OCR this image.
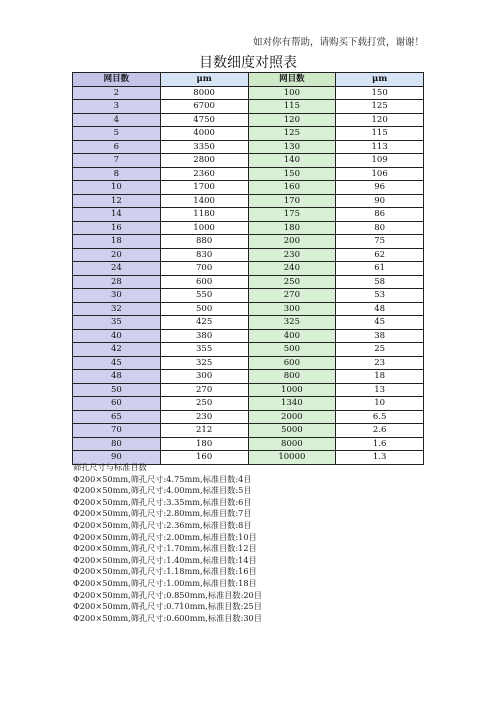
如对你有帮助，请购买下载打赏，谢谢！
目数细度对照表
网目数	μm	网目数	μm
2	8000	100	150
3	6700	115	125
4	4750	120	120
5	4000	125	115
6	3350	130	113
7	2800	140	109
8	2360	150	106
10	1700	160	96
12	1400	170	90
14	1180	175	86
16	1000	180	80
18	880	200	75
20	830	230	62
24	700	240	61
28	600	250	58
30	550	270	53
32	500	300	48
35	425	325	45
40	380	400	38
42	355	500	25
45	325	600	23
48	300	800	18
50	270	1000	13
60	250	1340	10
65	230	2000	6.5
70	212	5000	2.6
80	180	8000	1.6
90	160	10000	1.3
筛孔尺寸与标准目数
Φ200×50mm,筛孔尺寸:4.75mm,标准目数:4目
Φ200×50mm,筛孔尺寸:4.00mm,标准目数:5目
Φ200×50mm,筛孔尺寸:3.35mm,标准目数:6目
Φ200×50mm,筛孔尺寸:2.80mm,标准目数:7目
Φ200×50mm,筛孔尺寸:2.36mm,标准目数:8目
Φ200×50mm,筛孔尺寸:2.00mm,标准目数:10目
Φ200×50mm,筛孔尺寸:1.70mm,标准目数:12目
Φ200×50mm,筛孔尺寸:1.40mm,标准目数:14目
Φ200×50mm,筛孔尺寸:1.18mm,标准目数:16目
Φ200×50mm,筛孔尺寸:1.00mm,标准目数:18目
Φ200×50mm,筛孔尺寸:0.850mm,标准目数:20目
Φ200×50mm,筛孔尺寸:0.710mm,标准目数:25目
Φ200×50mm,筛孔尺寸:0.600mm,标准目数:30目
